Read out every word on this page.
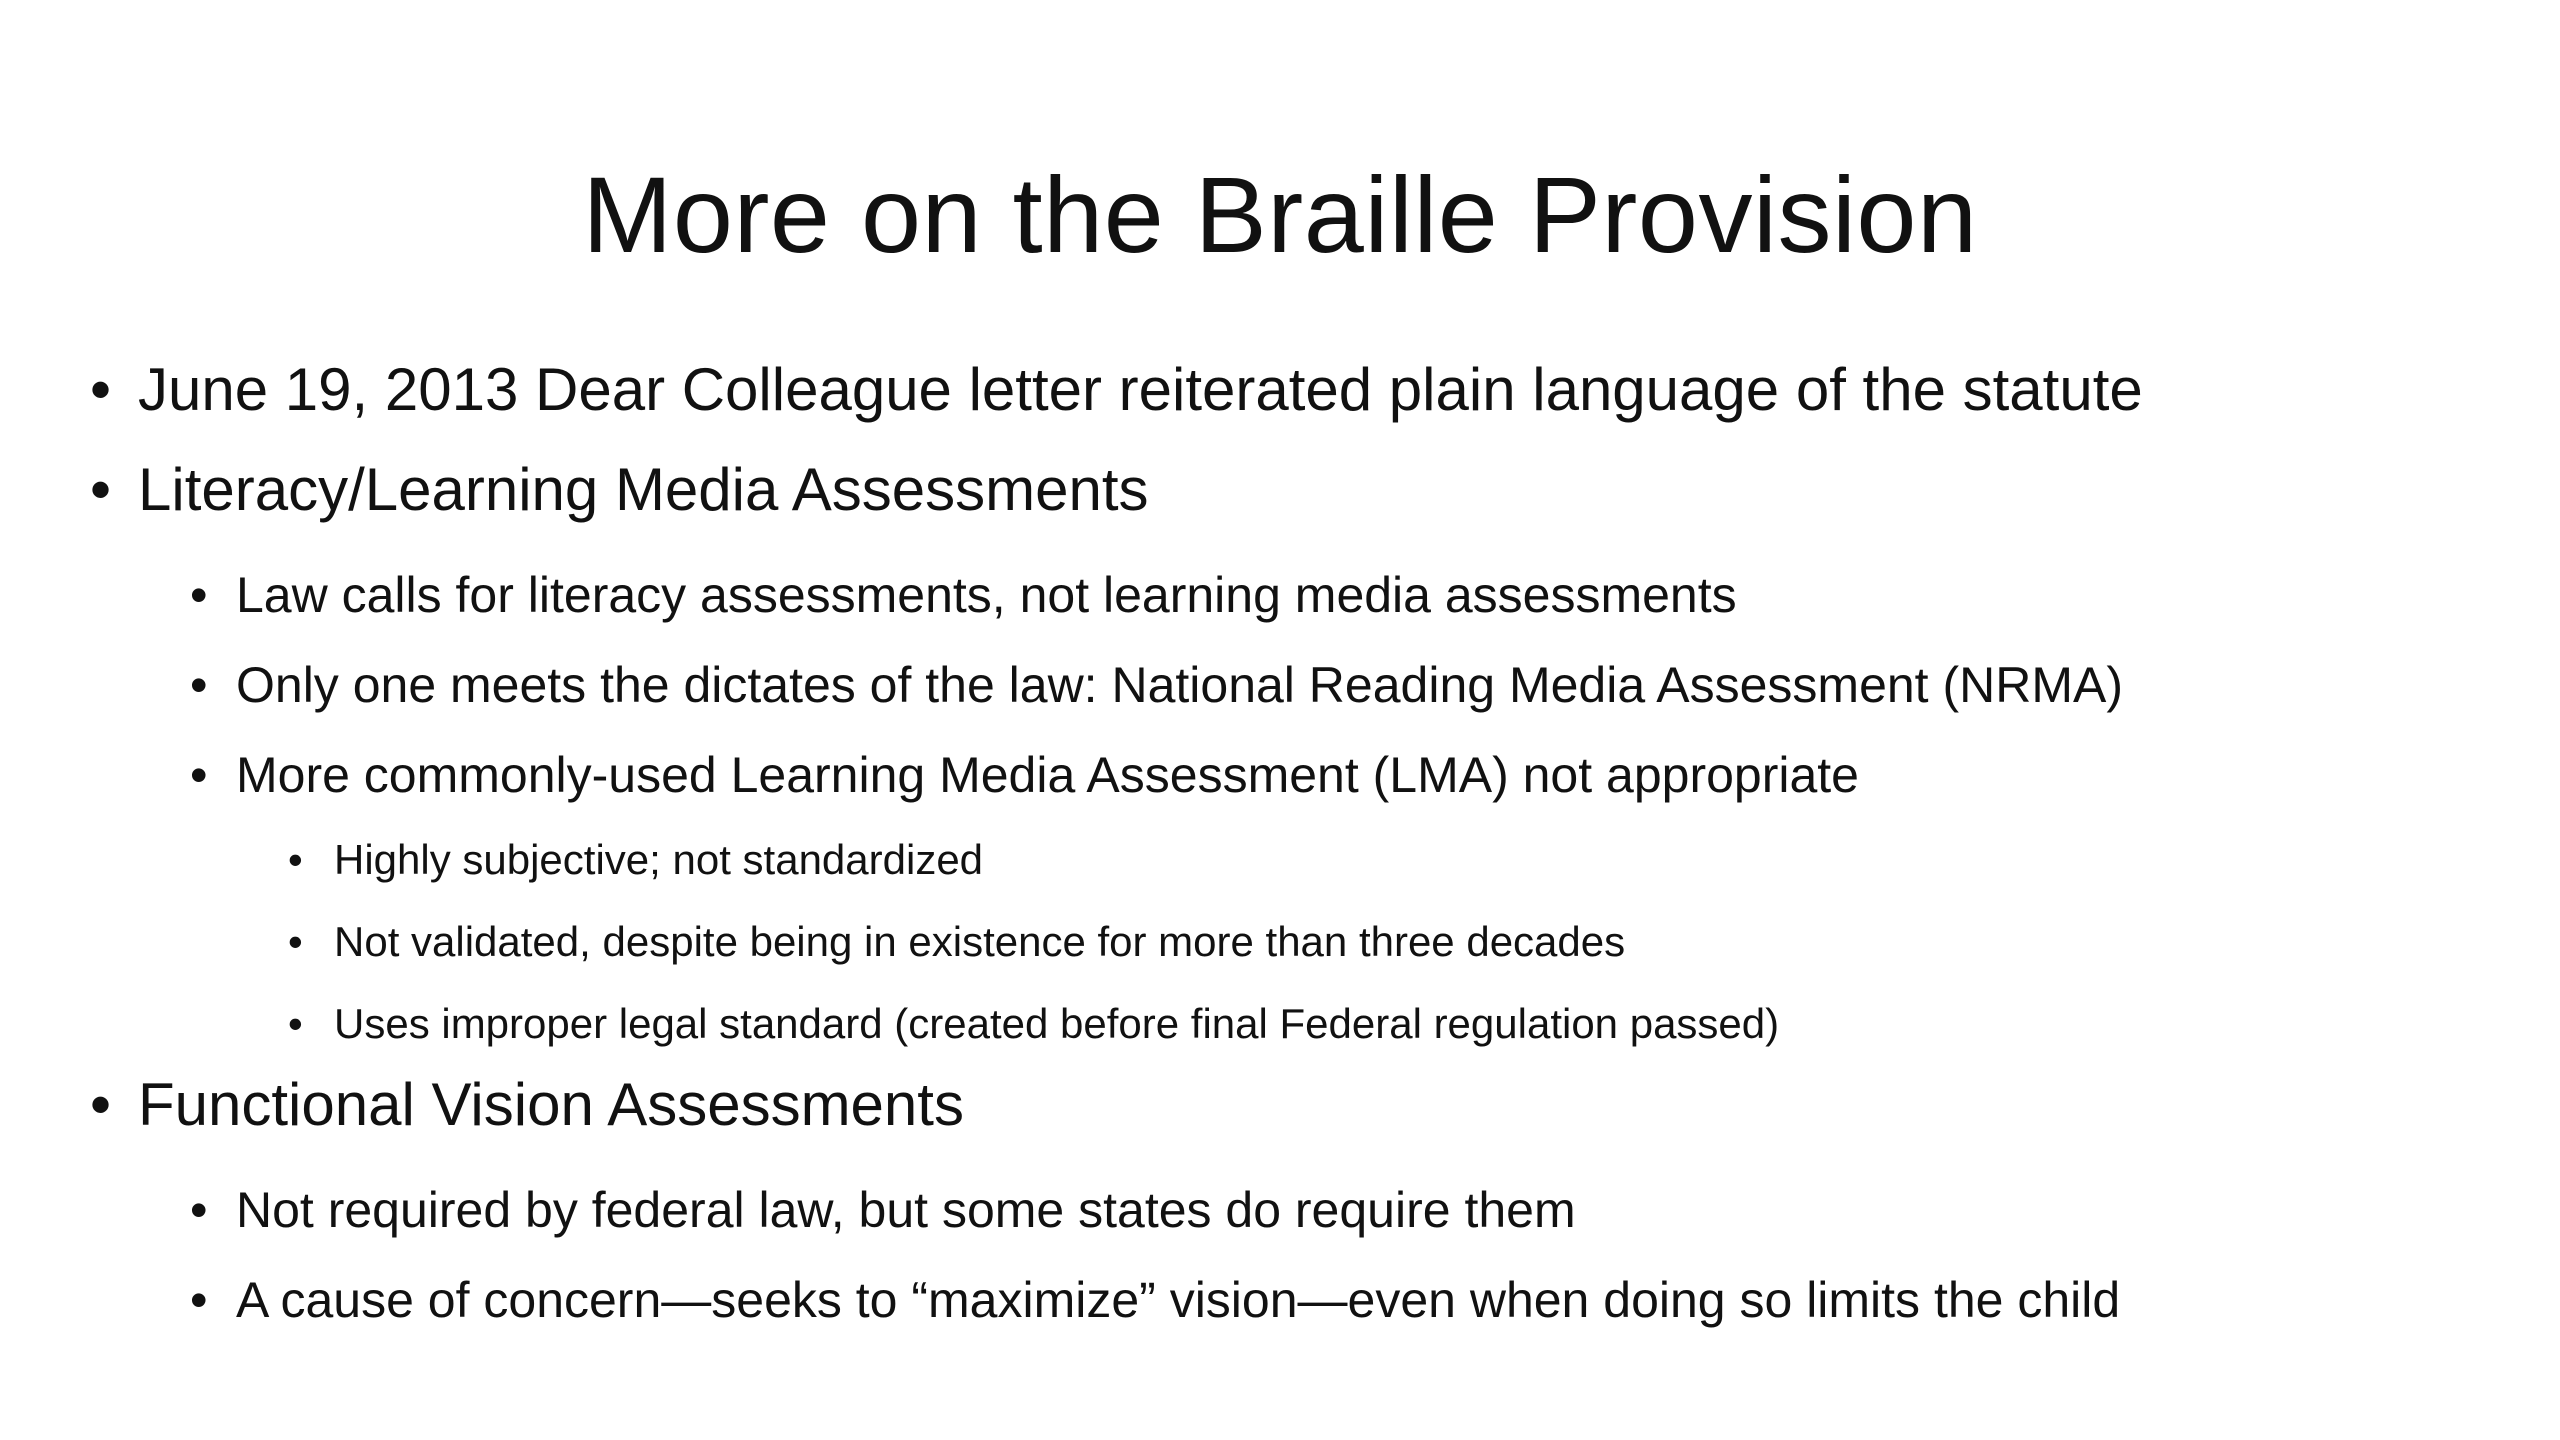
More on the Braille Provision
• June 19, 2013 Dear Colleague letter reiterated plain language of the statute
• Literacy/Learning Media Assessments
• Law calls for literacy assessments, not learning media assessments
• Only one meets the dictates of the law: National Reading Media Assessment (NRMA)
• More commonly-used Learning Media Assessment (LMA) not appropriate
• Highly subjective; not standardized
• Not validated, despite being in existence for more than three decades
• Uses improper legal standard (created before final Federal regulation passed)
• Functional Vision Assessments
• Not required by federal law, but some states do require them
• A cause of concern—seeks to “maximize” vision—even when doing so limits the child
